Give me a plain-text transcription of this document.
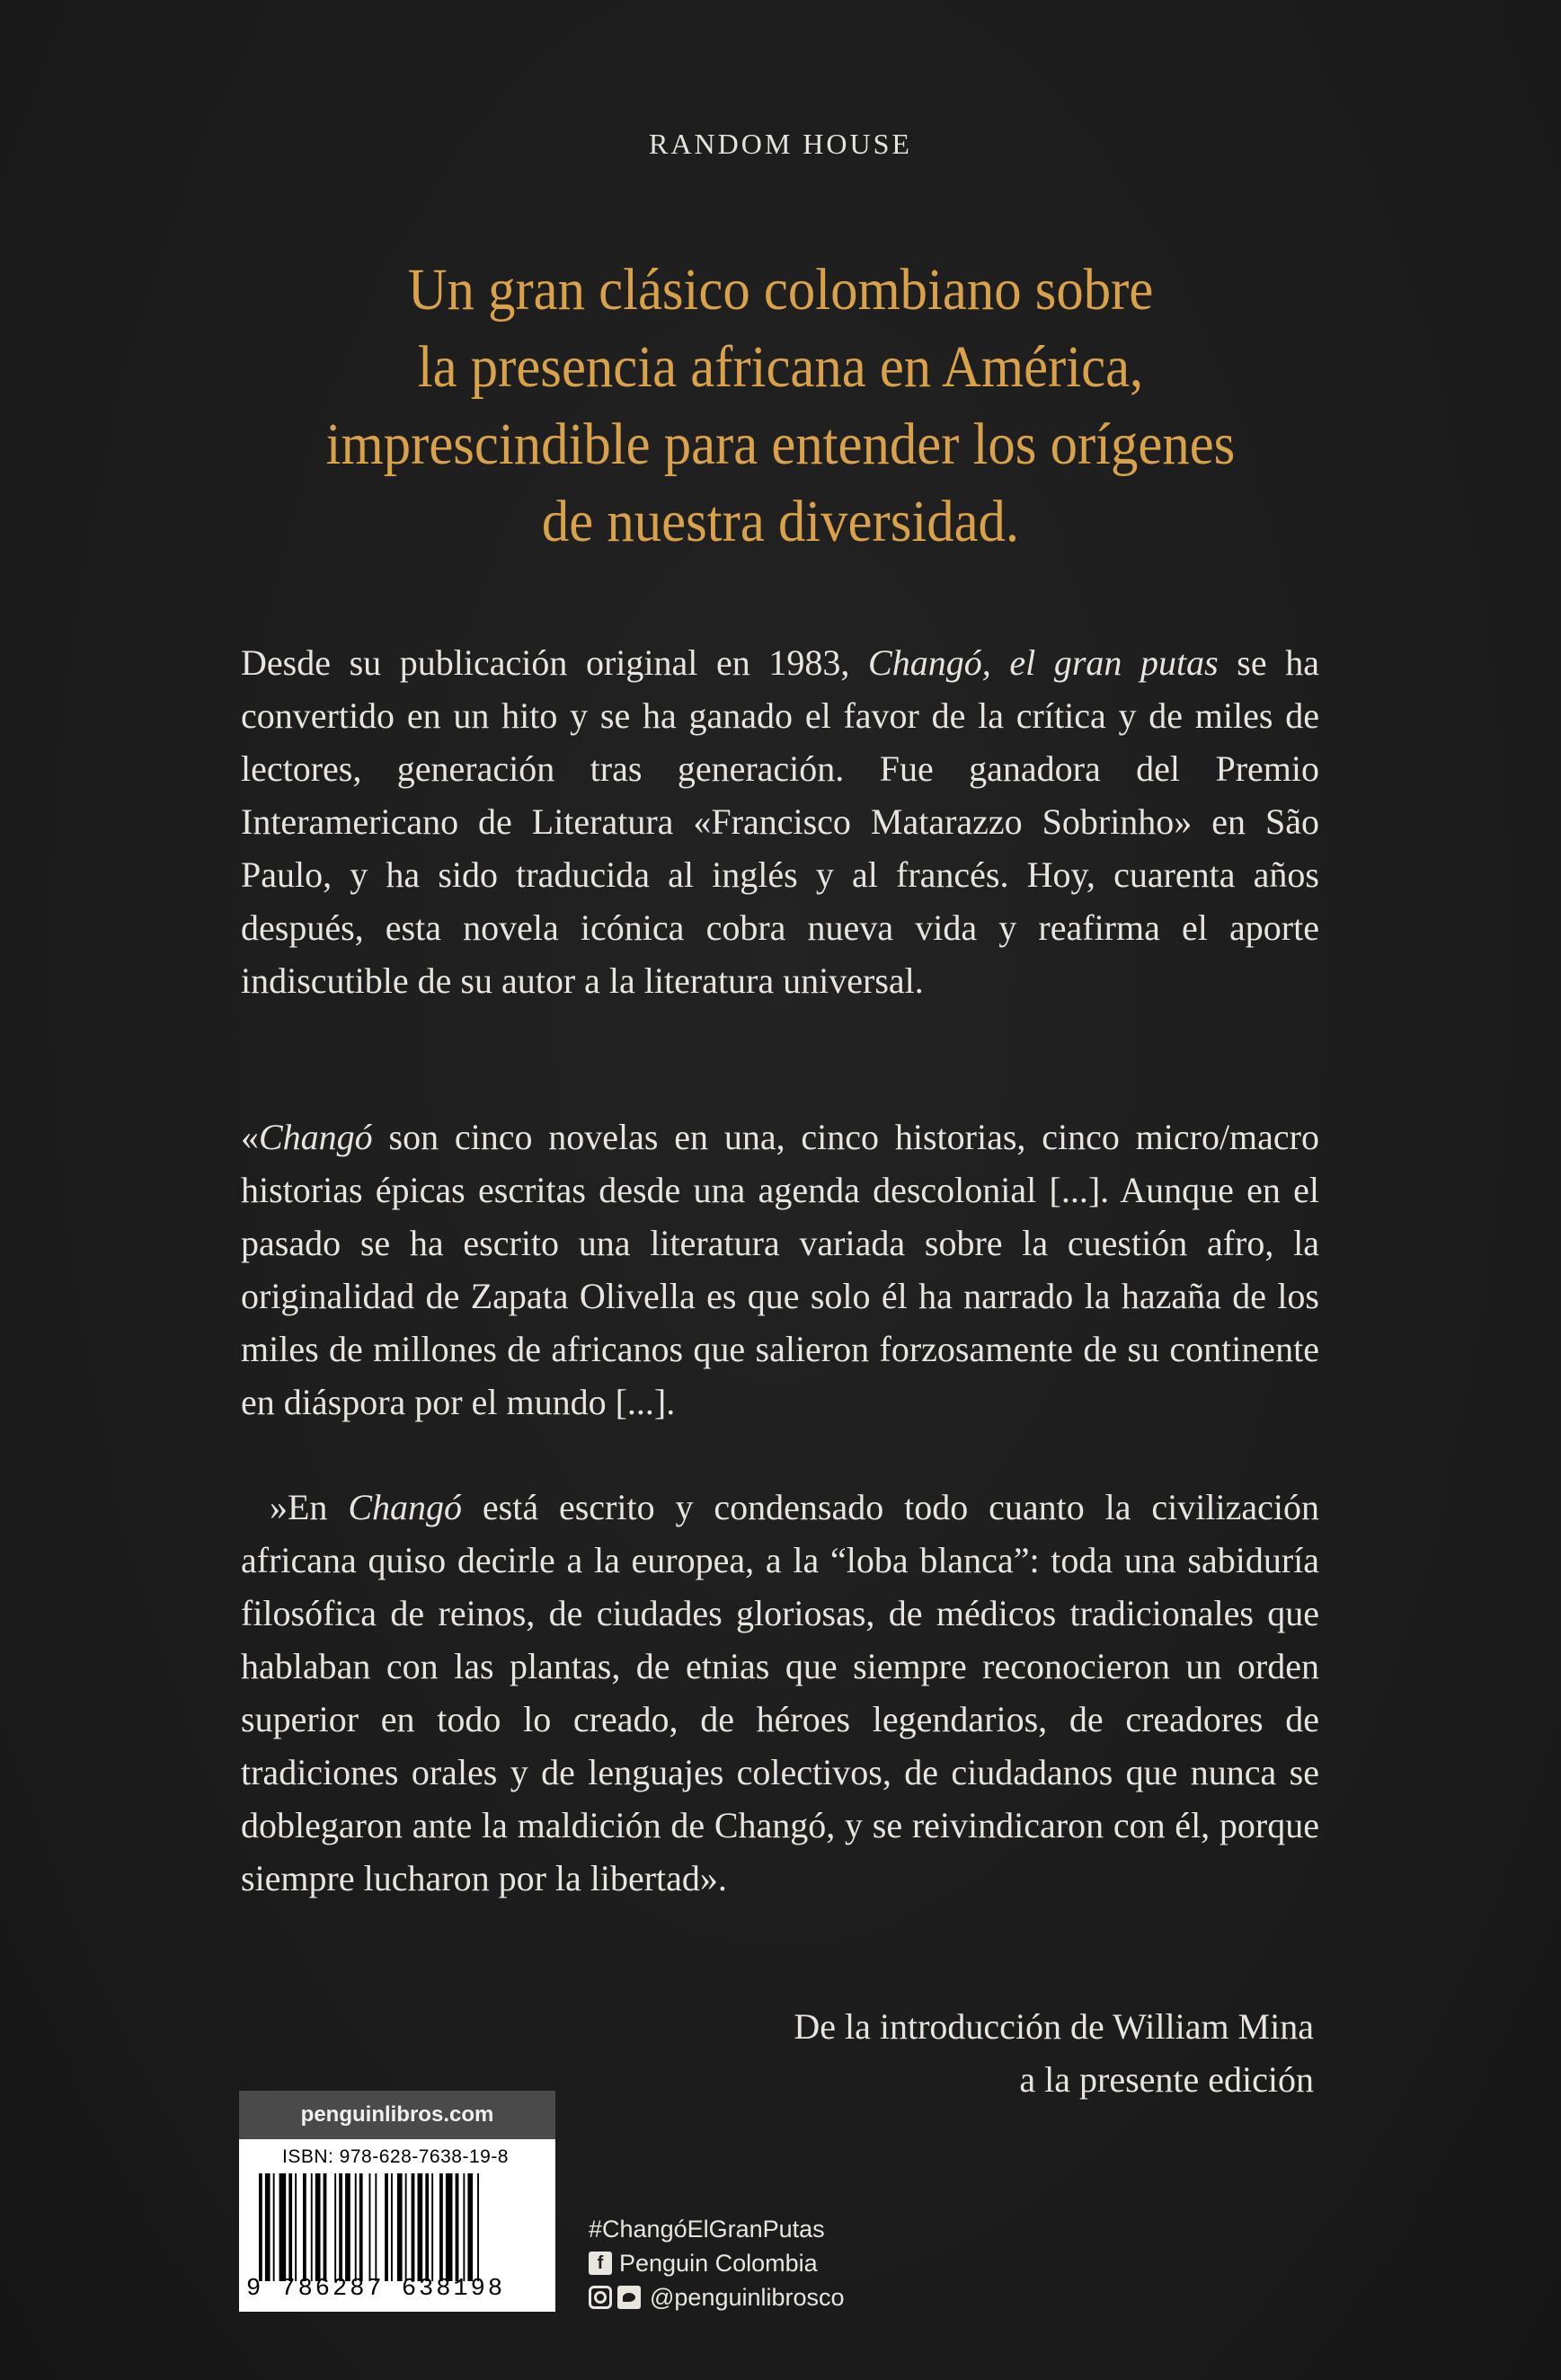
RANDOM HOUSE
Un gran clásico colombiano sobre
la presencia africana en América,
imprescindible para entender los orígenes
de nuestra diversidad.

Desde su publicación original en 1983, Changó, el gran putas se ha convertido en un hito y se ha ganado el favor de la crítica y de miles de lectores, generación tras generación. Fue ganadora del Premio Interamericano de Literatura «Francisco Matarazzo Sobrinho» en São Paulo, y ha sido traducida al inglés y al francés. Hoy, cuarenta años después, esta novela icónica cobra nueva vida y reafirma el aporte indiscutible de su autor a la literatura universal.

«Changó son cinco novelas en una, cinco historias, cinco micro/macro historias épicas escritas desde una agenda descolonial [...]. Aunque en el pasado se ha escrito una literatura variada sobre la cuestión afro, la originalidad de Zapata Olivella es que solo él ha narrado la hazaña de los miles de millones de africanos que salieron forzosamente de su continente en diáspora por el mundo [...].

»En Changó está escrito y condensado todo cuanto la civilización africana quiso decirle a la europea, a la “loba blanca”: toda una sabiduría filosófica de reinos, de ciudades gloriosas, de médicos tradicionales que hablaban con las plantas, de etnias que siempre reconocieron un orden superior en todo lo creado, de héroes legendarios, de creadores de tradiciones orales y de lenguajes colectivos, de ciudadanos que nunca se doblegaron ante la maldición de Changó, y se reivindicaron con él, porque siempre lucharon por la libertad».

De la introducción de William Mina
a la presente edición
penguinlibros.com
ISBN: 978-628-7638-19-8
9 786287 638198
#ChangóElGranPutas
f Penguin Colombia
@penguinlibrosco
